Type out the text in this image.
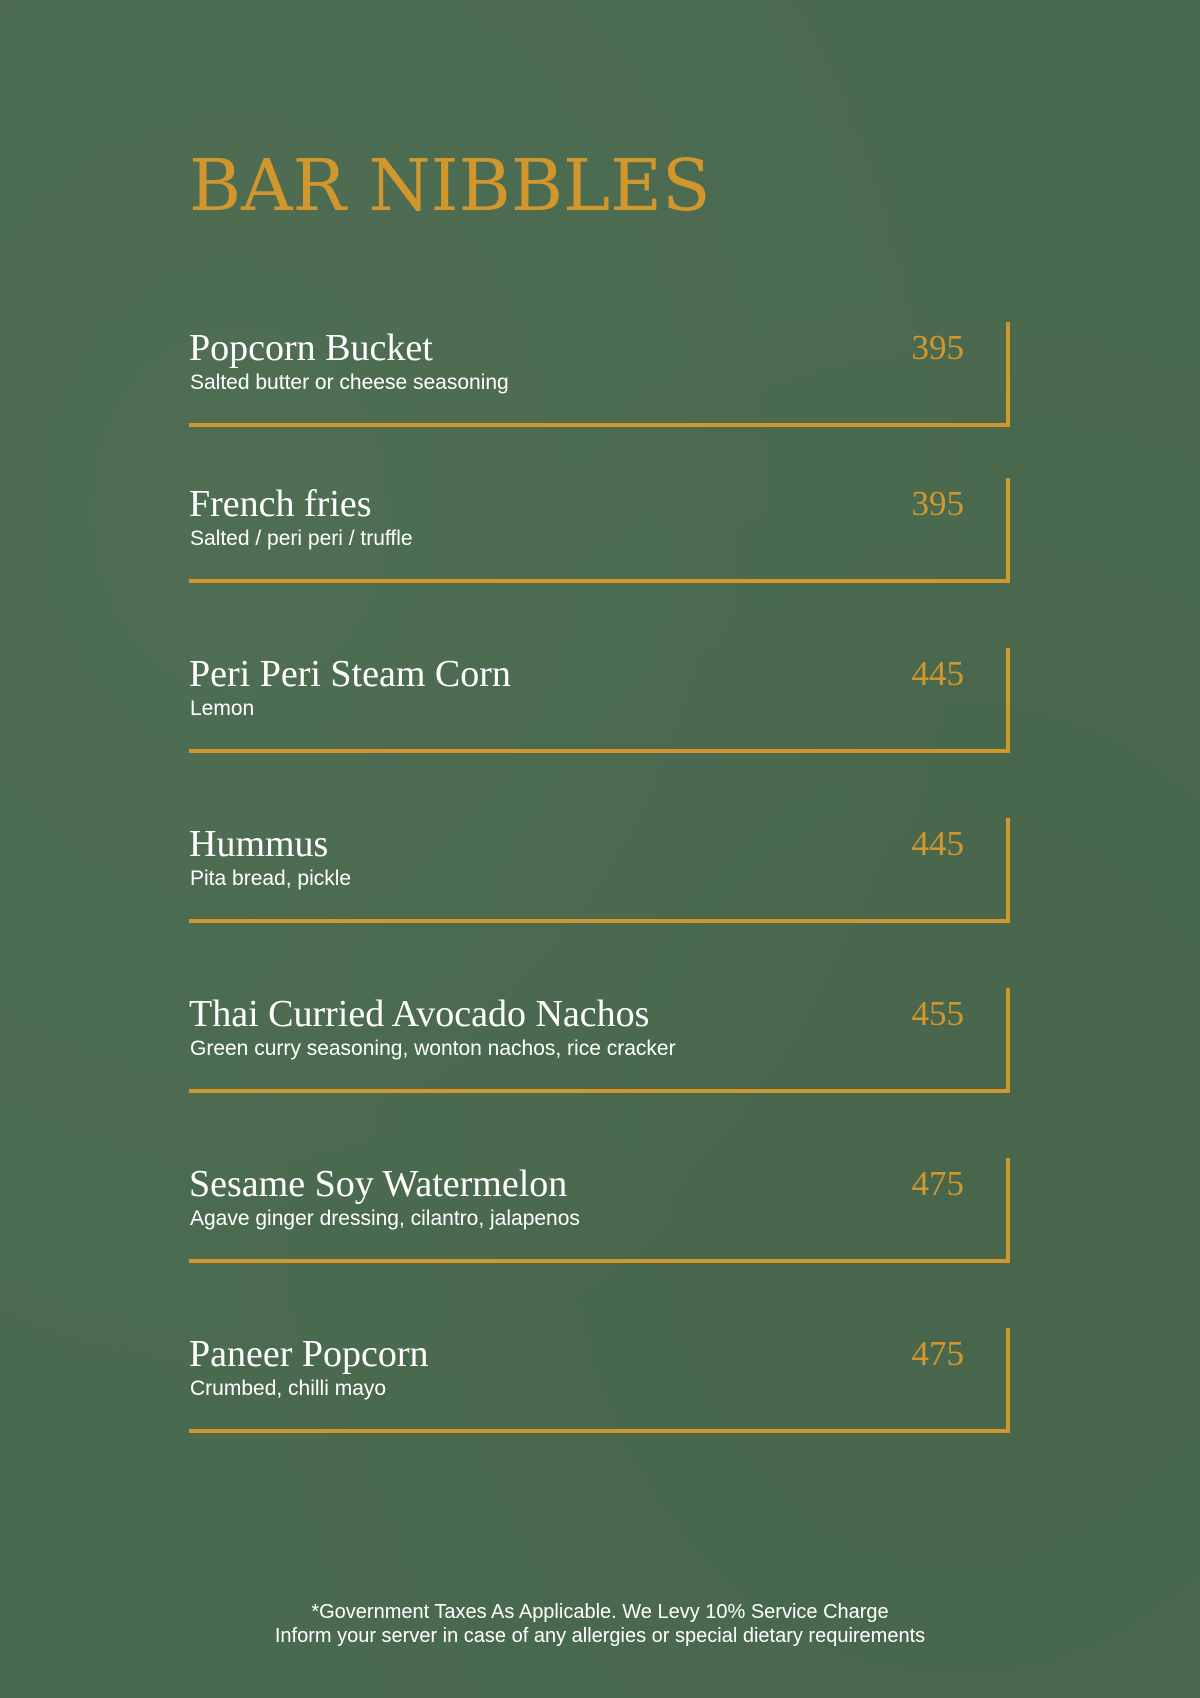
BAR NIBBLES
Popcorn Bucket
Salted butter or cheese seasoning
395
French fries
Salted / peri peri / truffle
395
Peri Peri Steam Corn
Lemon
445
Hummus
Pita bread, pickle
445
Thai Curried Avocado Nachos
Green curry seasoning, wonton nachos, rice cracker
455
Sesame Soy Watermelon
Agave ginger dressing, cilantro, jalapenos
475
Paneer Popcorn
Crumbed, chilli mayo
475
*Government Taxes As Applicable. We Levy 10% Service Charge
Inform your server in case of any allergies or special dietary requirements
